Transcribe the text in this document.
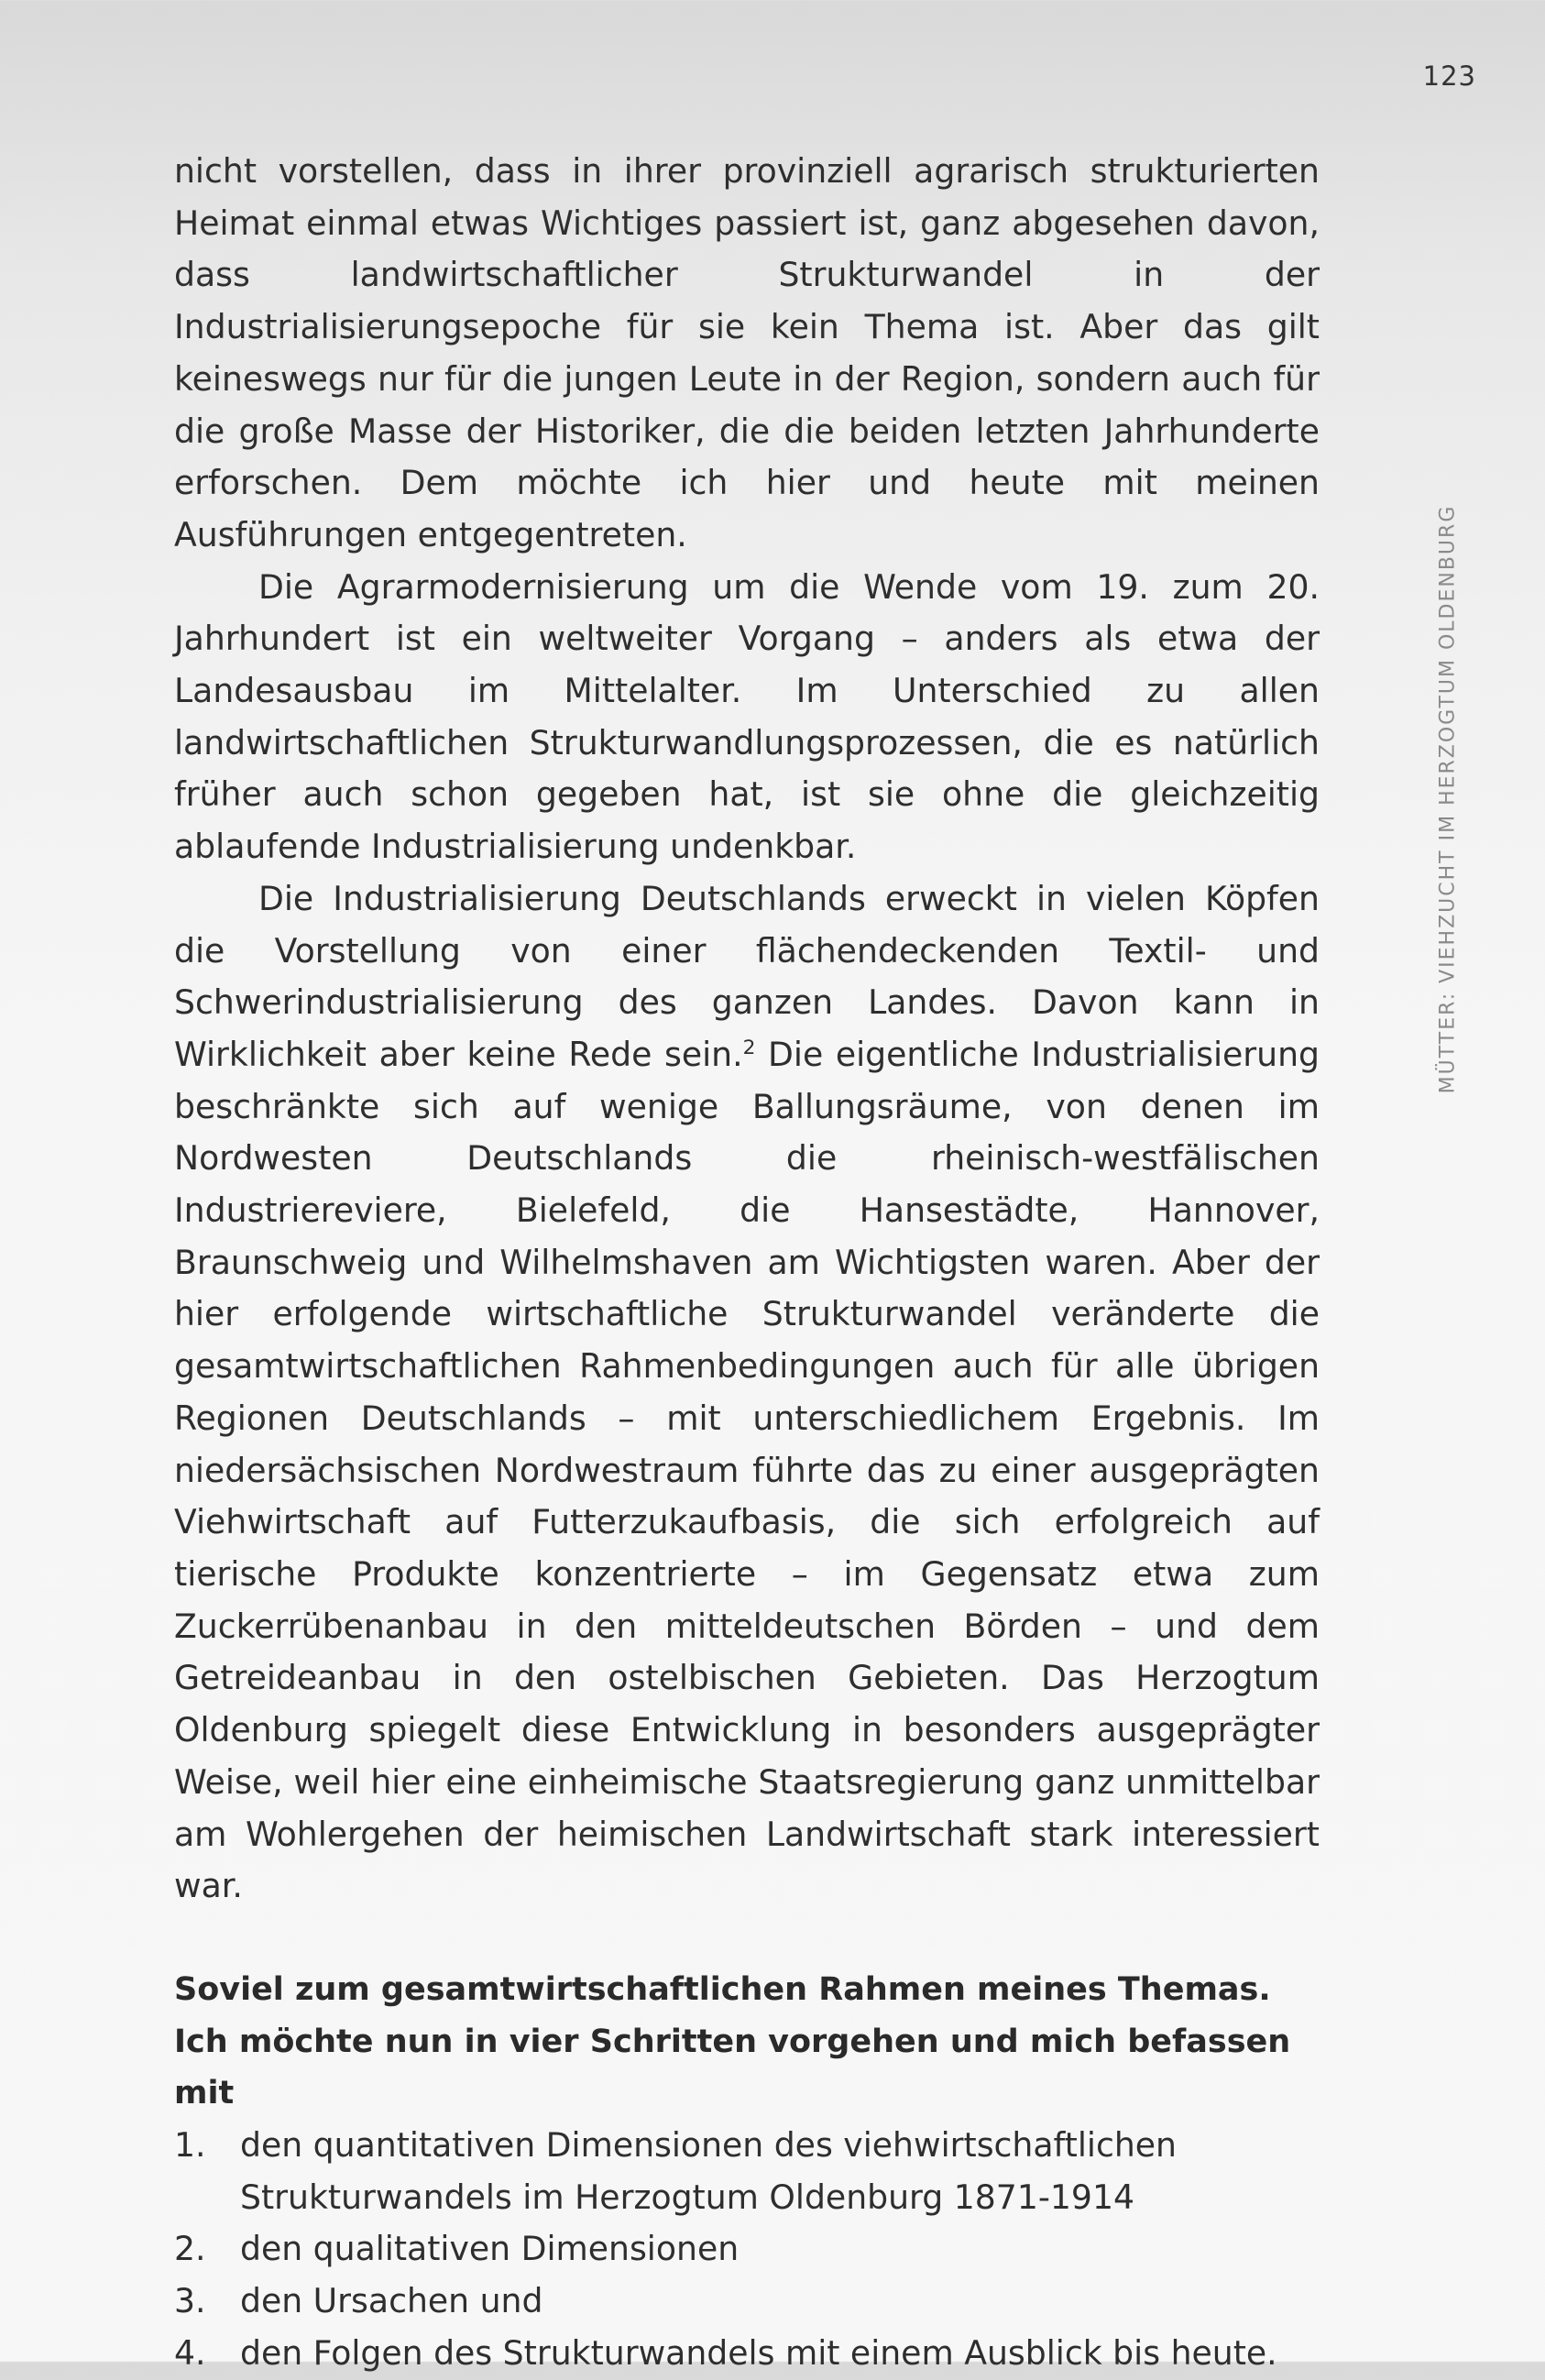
123
MÜTTER: VIEHZUCHT IM HERZOGTUM OLDENBURG

nicht vorstellen, dass in ihrer provinziell agrarisch strukturierten Heimat einmal etwas Wichtiges passiert ist, ganz abgesehen davon, dass landwirtschaftlicher Strukturwandel in der Industrialisierungsepoche für sie kein Thema ist. Aber das gilt keineswegs nur für die jungen Leute in der Region, sondern auch für die große Masse der Historiker, die die beiden letzten Jahrhunderte erforschen. Dem möchte ich hier und heute mit meinen Ausführungen entgegentreten.

Die Agrarmodernisierung um die Wende vom 19. zum 20. Jahrhundert ist ein weltweiter Vorgang – anders als etwa der Landesausbau im Mittelalter. Im Unterschied zu allen landwirtschaftlichen Strukturwandlungsprozessen, die es natürlich früher auch schon gegeben hat, ist sie ohne die gleichzeitig ablaufende Industrialisierung undenkbar.

Die Industrialisierung Deutschlands erweckt in vielen Köpfen die Vorstellung von einer flächendeckenden Textil- und Schwerindustrialisierung des ganzen Landes. Davon kann in Wirklichkeit aber keine Rede sein.$^2$ Die eigentliche Industrialisierung beschränkte sich auf wenige Ballungsräume, von denen im Nordwesten Deutschlands die rheinisch-westfälischen Industriereviere, Bielefeld, die Hansestädte, Hannover, Braunschweig und Wilhelmshaven am Wichtigsten waren. Aber der hier erfolgende wirtschaftliche Strukturwandel veränderte die gesamtwirtschaftlichen Rahmenbedingungen auch für alle übrigen Regionen Deutschlands – mit unterschiedlichem Ergebnis. Im niedersächsischen Nordwestraum führte das zu einer ausgeprägten Viehwirtschaft auf Futterzukaufbasis, die sich erfolgreich auf tierische Produkte konzentrierte – im Gegensatz etwa zum Zuckerrübenanbau in den mitteldeutschen Börden – und dem Getreideanbau in den ostelbischen Gebieten. Das Herzogtum Oldenburg spiegelt diese Entwicklung in besonders ausgeprägter Weise, weil hier eine einheimische Staatsregierung ganz unmittelbar am Wohlergehen der heimischen Landwirtschaft stark interessiert war.

Soviel zum gesamtwirtschaftlichen Rahmen meines Themas.
Ich möchte nun in vier Schritten vorgehen und mich befassen mit
1.	den quantitativen Dimensionen des viehwirtschaftlichen Strukturwandels im Herzogtum Oldenburg 1871-1914
2.	den qualitativen Dimensionen
3.	den Ursachen und
4.	den Folgen des Strukturwandels mit einem Ausblick bis heute.
